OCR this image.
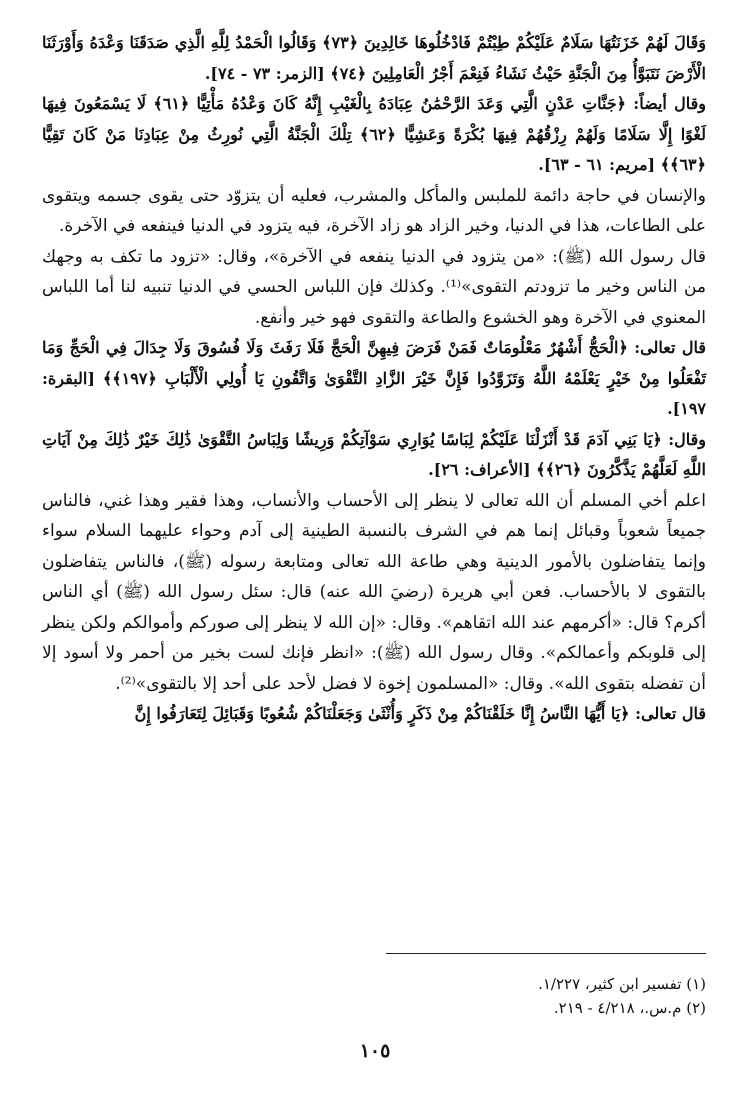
وَقَالَ لَهُمْ خَزَنَتُهَا سَلَامٌ عَلَيْكُمْ طِبْتُمْ فَادْخُلُوهَا خَالِدِينَ ﴿٧٣﴾ وَقَالُوا الْحَمْدُ لِلَّهِ الَّذِي صَدَقَنَا وَعْدَهُ وَأَوْرَثَنَا الْأَرْضَ نَتَبَوَّأُ مِنَ الْجَنَّةِ حَيْثُ نَشَاءُ فَنِعْمَ أَجْرُ الْعَامِلِينَ ﴿٧٤﴾ [الزمر: ٧٣ - ٧٤].

وقال أيضاً: ﴿جَنَّاتِ عَدْنٍ الَّتِي وَعَدَ الرَّحْمَٰنُ عِبَادَهُ بِالْغَيْبِ إِنَّهُ كَانَ وَعْدُهُ مَأْتِيًّا ﴿٦١﴾ لَا يَسْمَعُونَ فِيهَا لَغْوًا إِلَّا سَلَامًا وَلَهُمْ رِزْقُهُمْ فِيهَا بُكْرَةً وَعَشِيًّا ﴿٦٢﴾ تِلْكَ الْجَنَّةُ الَّتِي نُورِثُ مِنْ عِبَادِنَا مَنْ كَانَ تَقِيًّا ﴿٦٣﴾﴾ [مريم: ٦١ - ٦٣].

والإنسان في حاجة دائمة للملبس والمأكل والمشرب، فعليه أن يتزوّد حتى يقوى جسمه ويتقوى على الطاعات، هذا في الدنيا، وخير الزاد هو زاد الآخرة، فيه يتزود في الدنيا فينفعه في الآخرة.

قال رسول الله (ﷺ): «من يتزود في الدنيا ينفعه في الآخرة»، وقال: «تزود ما تكف به وجهك من الناس وخير ما تزودتم التقوى»⁽¹⁾. وكذلك فإن اللباس الحسي في الدنيا تنبيه لنا أما اللباس المعنوي في الآخرة وهو الخشوع والطاعة والتقوى فهو خير وأنفع.

قال تعالى: ﴿الْحَجُّ أَشْهُرٌ مَعْلُومَاتٌ فَمَنْ فَرَضَ فِيهِنَّ الْحَجَّ فَلَا رَفَثَ وَلَا فُسُوقَ وَلَا جِدَالَ فِي الْحَجِّ وَمَا تَفْعَلُوا مِنْ خَيْرٍ يَعْلَمْهُ اللَّهُ وَتَزَوَّدُوا فَإِنَّ خَيْرَ الزَّادِ التَّقْوَىٰ وَاتَّقُونِ يَا أُولِي الْأَلْبَابِ ﴿١٩٧﴾﴾ [البقرة: ١٩٧].

وقال: ﴿يَا بَنِي آدَمَ قَدْ أَنْزَلْنَا عَلَيْكُمْ لِبَاسًا يُوَارِي سَوْآتِكُمْ وَرِيشًا وَلِبَاسُ التَّقْوَىٰ ذَٰلِكَ خَيْرٌ ذَٰلِكَ مِنْ آيَاتِ اللَّهِ لَعَلَّهُمْ يَذَّكَّرُونَ ﴿٢٦﴾﴾ [الأعراف: ٢٦].

اعلم أخي المسلم أن الله تعالى لا ينظر إلى الأحساب والأنساب، وهذا فقير وهذا غني، فالناس جميعاً شعوباً وقبائل إنما هم في الشرف بالنسبة الطينية إلى آدم وحواء عليهما السلام سواء وإنما يتفاضلون بالأمور الدينية وهي طاعة الله تعالى ومتابعة رسوله (ﷺ)، فالناس يتفاضلون بالتقوى لا بالأحساب. فعن أبي هريرة (رضيَ الله عنه) قال: سئل رسول الله (ﷺ) أي الناس أكرم؟ قال: «أكرمهم عند الله اتقاهم». وقال: «إن الله لا ينظر إلى صوركم وأموالكم ولكن ينظر إلى قلوبكم وأعمالكم». وقال رسول الله (ﷺ): «انظر فإنك لست بخير من أحمر ولا أسود إلا أن تفضله بتقوى الله». وقال: «المسلمون إخوة لا فضل لأحد على أحد إلا بالتقوى»⁽²⁾.

قال تعالى: ﴿يَا أَيُّهَا النَّاسُ إِنَّا خَلَقْنَاكُمْ مِنْ ذَكَرٍ وَأُنْثَىٰ وَجَعَلْنَاكُمْ شُعُوبًا وَقَبَائِلَ لِتَعَارَفُوا إِنَّ

(١) تفسير ابن كثير، ١/٢٢٧.

(٢) م.س.، ٤/٢١٨ - ٢١٩.

١٠٥
